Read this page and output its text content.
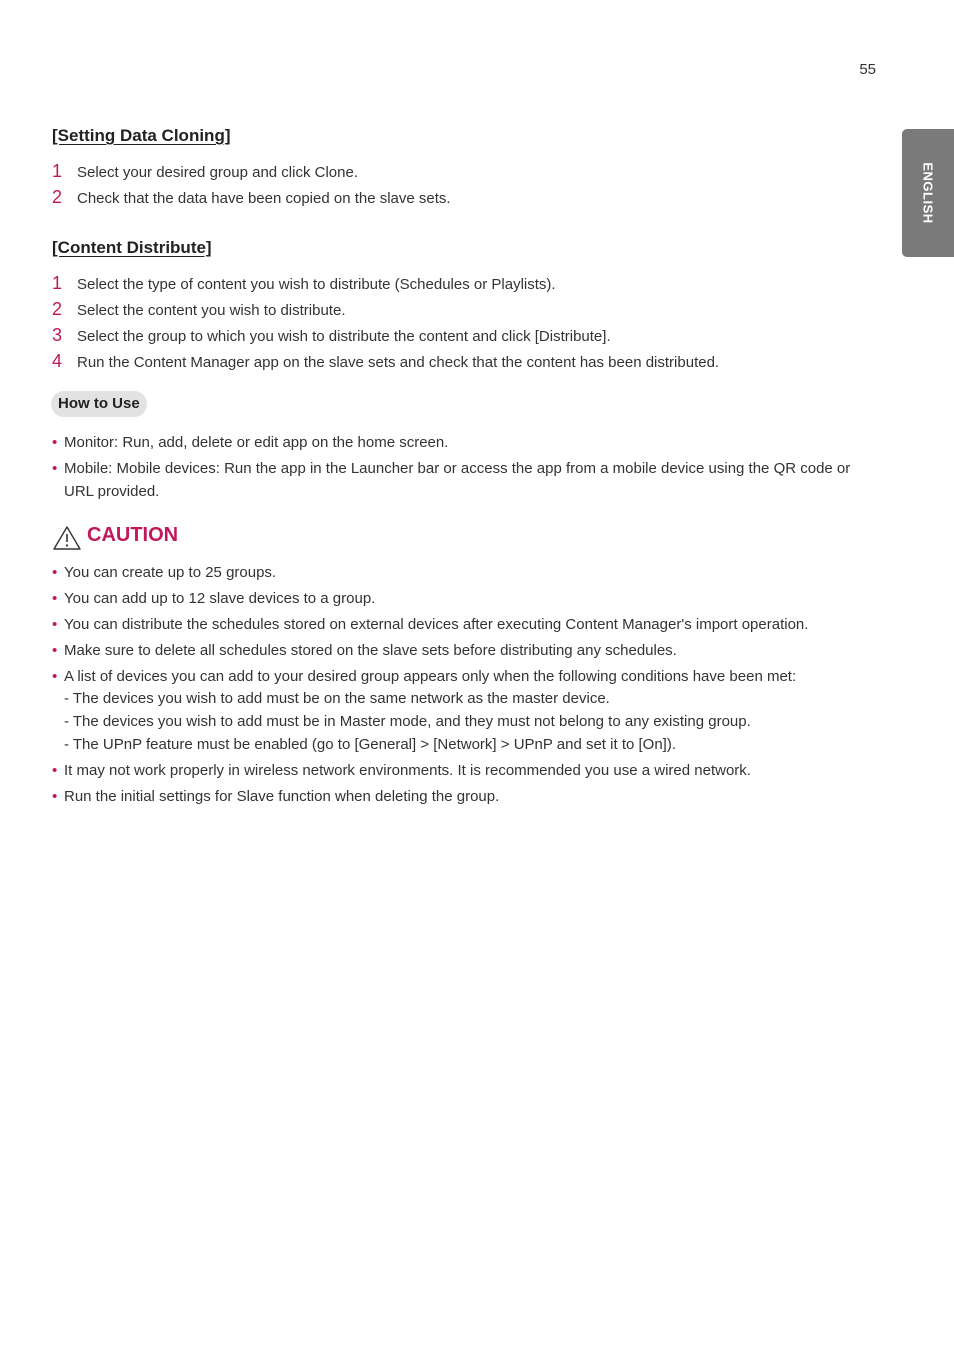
55
ENGLISH
[Setting Data Cloning]
1 Select your desired group and click Clone.
2 Check that the data have been copied on the slave sets.
[Content Distribute]
1 Select the type of content you wish to distribute (Schedules or Playlists).
2 Select the content you wish to distribute.
3 Select the group to which you wish to distribute the content and click [Distribute].
4 Run the Content Manager app on the slave sets and check that the content has been distributed.
How to Use
• Monitor: Run, add, delete or edit app on the home screen.
• Mobile: Mobile devices: Run the app in the Launcher bar or access the app from a mobile device using the QR code or URL provided.
CAUTION
• You can create up to 25 groups.
• You can add up to 12 slave devices to a group.
• You can distribute the schedules stored on external devices after executing Content Manager's import operation.
• Make sure to delete all schedules stored on the slave sets before distributing any schedules.
• A list of devices you can add to your desired group appears only when the following conditions have been met:
- The devices you wish to add must be on the same network as the master device.
- The devices you wish to add must be in Master mode, and they must not belong to any existing group.
- The UPnP feature must be enabled (go to [General] > [Network] > UPnP and set it to [On]).
• It may not work properly in wireless network environments. It is recommended you use a wired network.
• Run the initial settings for Slave function when deleting the group.
